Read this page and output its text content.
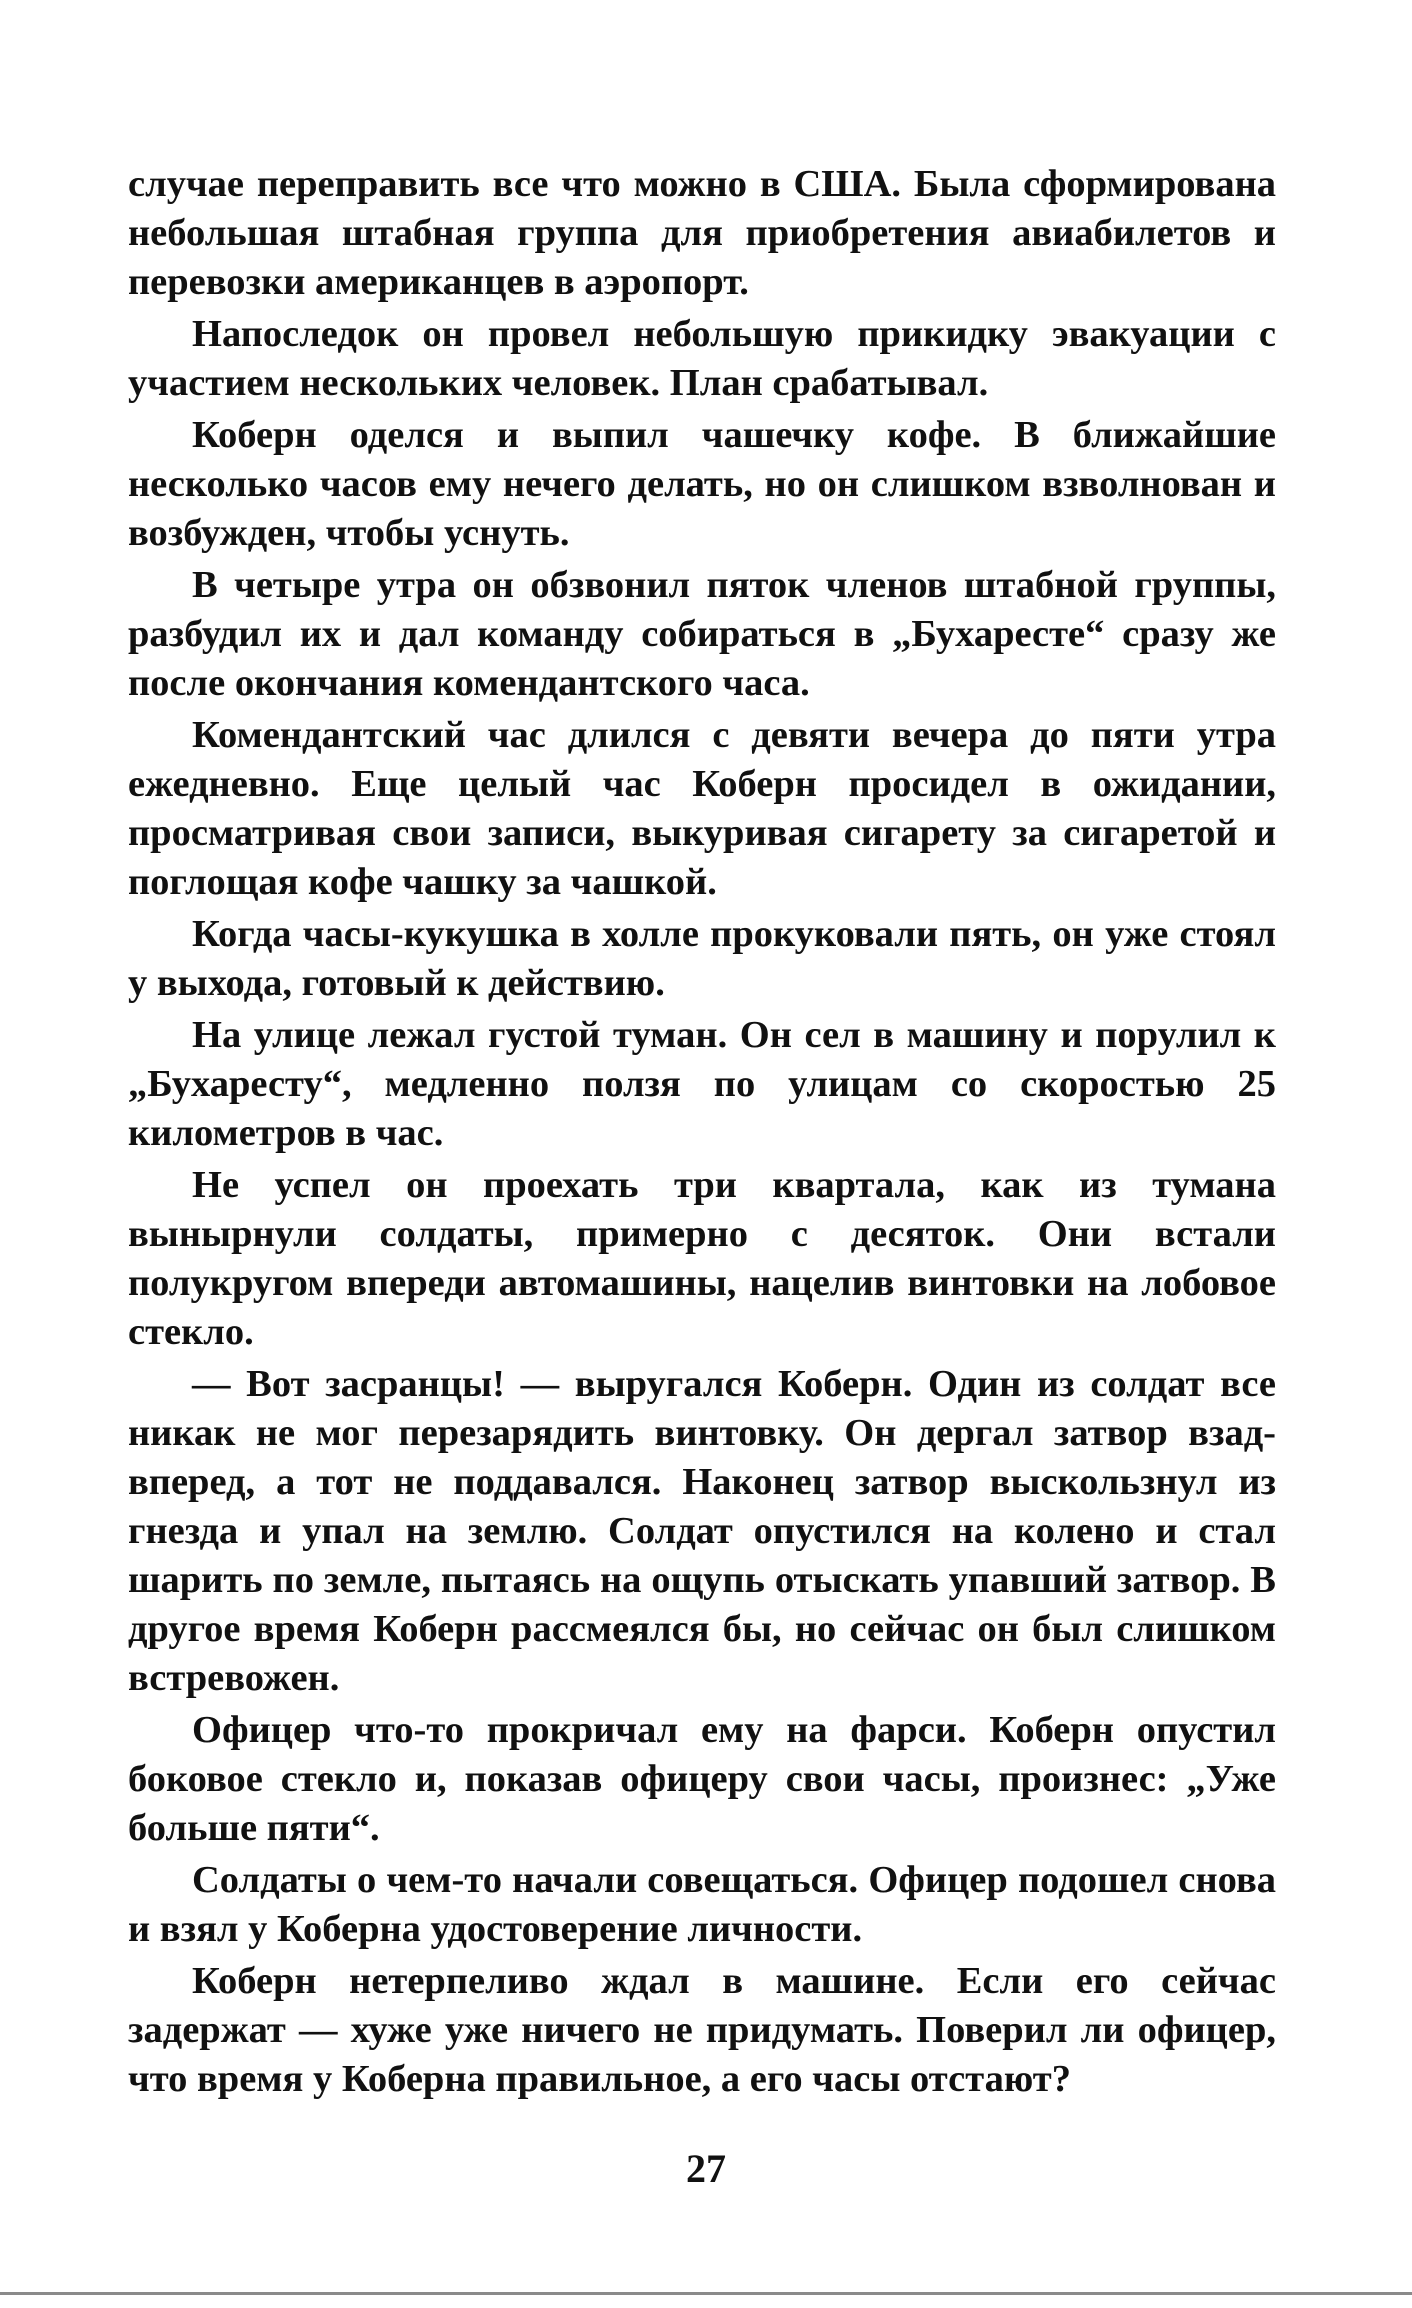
случае переправить все что можно в США. Была сформирована небольшая штабная группа для приобретения авиабилетов и перевозки американцев в аэропорт.

Напоследок он провел небольшую прикидку эвакуации с участием нескольких человек. План срабатывал.

Коберн оделся и выпил чашечку кофе. В ближайшие несколько часов ему нечего делать, но он слишком взволнован и возбужден, чтобы уснуть.

В четыре утра он обзвонил пяток членов штабной группы, разбудил их и дал команду собираться в „Бухаресте“ сразу же после окончания комендантского часа.

Комендантский час длился с девяти вечера до пяти утра ежедневно. Еще целый час Коберн просидел в ожидании, просматривая свои записи, выкуривая сигарету за сигаретой и поглощая кофе чашку за чашкой.

Когда часы-кукушка в холле прокуковали пять, он уже стоял у выхода, готовый к действию.

На улице лежал густой туман. Он сел в машину и порулил к „Бухаресту“, медленно ползя по улицам со скоростью 25 километров в час.

Не успел он проехать три квартала, как из тумана вынырнули солдаты, примерно с десяток. Они встали полукругом впереди автомашины, нацелив винтовки на лобовое стекло.

— Вот засранцы! — выругался Коберн. Один из солдат все никак не мог перезарядить винтовку. Он дергал затвор взад-вперед, а тот не поддавался. Наконец затвор выскользнул из гнезда и упал на землю. Солдат опустился на колено и стал шарить по земле, пытаясь на ощупь отыскать упавший затвор. В другое время Коберн рассмеялся бы, но сейчас он был слишком встревожен.

Офицер что-то прокричал ему на фарси. Коберн опустил боковое стекло и, показав офицеру свои часы, произнес: „Уже больше пяти“.

Солдаты о чем-то начали совещаться. Офицер подошел снова и взял у Коберна удостоверение личности.

Коберн нетерпеливо ждал в машине. Если его сейчас задержат — хуже уже ничего не придумать. Поверил ли офицер, что время у Коберна правильное, а его часы отстают?

27
